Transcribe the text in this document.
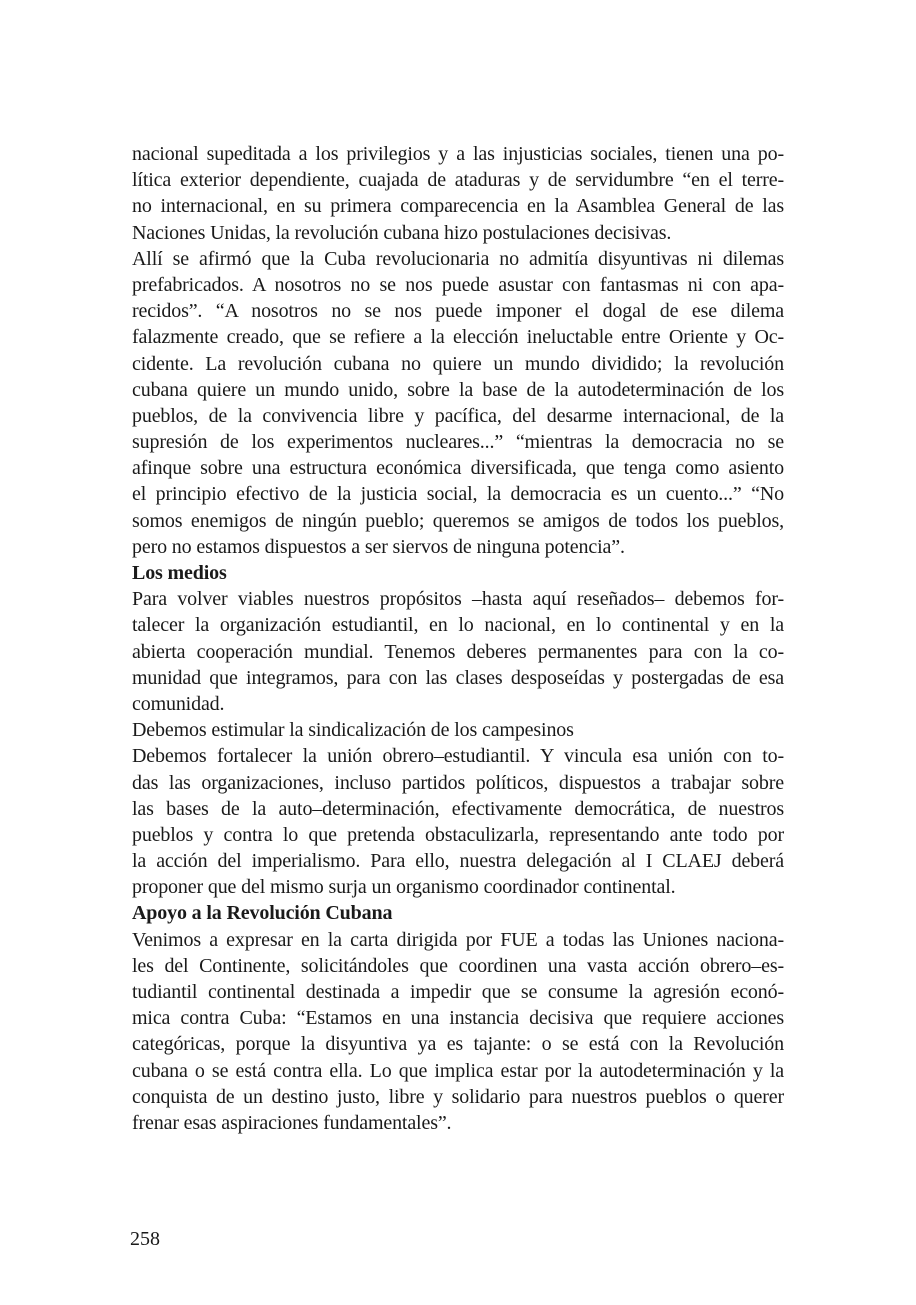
nacional supeditada a los privilegios y a las injusticias sociales, tienen una po-
lítica exterior dependiente, cuajada de ataduras y de servidumbre “en el terre-
no internacional, en su primera comparecencia en la Asamblea General de las
Naciones Unidas, la revolución cubana hizo postulaciones decisivas.
Allí se afirmó que la Cuba revolucionaria no admitía disyuntivas ni dilemas
prefabricados. A nosotros no se nos puede asustar con fantasmas ni con apa-
recidos”. “A nosotros no se nos puede imponer el dogal de ese dilema
falazmente creado, que se refiere a la elección ineluctable entre Oriente y Oc-
cidente. La revolución cubana no quiere un mundo dividido; la revolución
cubana quiere un mundo unido, sobre la base de la autodeterminación de los
pueblos, de la convivencia libre y pacífica, del desarme internacional, de la
supresión de los experimentos nucleares...” “mientras la democracia no se
afinque sobre una estructura económica diversificada, que tenga como asiento
el principio efectivo de la justicia social, la democracia es un cuento...” “No
somos enemigos de ningún pueblo; queremos se amigos de todos los pueblos,
pero no estamos dispuestos a ser siervos de ninguna potencia”.
Los medios
Para volver viables nuestros propósitos –hasta aquí reseñados– debemos for-
talecer la organización estudiantil, en lo nacional, en lo continental y en la
abierta cooperación mundial. Tenemos deberes permanentes para con la co-
munidad que integramos, para con las clases desposeídas y postergadas de esa
comunidad.
Debemos estimular la sindicalización de los campesinos
Debemos fortalecer la unión obrero–estudiantil. Y vincula esa unión con to-
das las organizaciones, incluso partidos políticos, dispuestos a trabajar sobre
las bases de la auto–determinación, efectivamente democrática, de nuestros
pueblos y contra lo que pretenda obstaculizarla, representando ante todo por
la acción del imperialismo. Para ello, nuestra delegación al I CLAEJ deberá
proponer que del mismo surja un organismo coordinador continental.
Apoyo a la Revolución Cubana
Venimos a expresar en la carta dirigida por FUE a todas las Uniones naciona-
les del Continente, solicitándoles que coordinen una vasta acción obrero–es-
tudiantil continental destinada a impedir que se consume la agresión econó-
mica contra Cuba: “Estamos en una instancia decisiva que requiere acciones
categóricas, porque la disyuntiva ya es tajante: o se está con la Revolución
cubana o se está contra ella. Lo que implica estar por la autodeterminación y la
conquista de un destino justo, libre y solidario para nuestros pueblos o querer
frenar esas aspiraciones fundamentales”.
258
